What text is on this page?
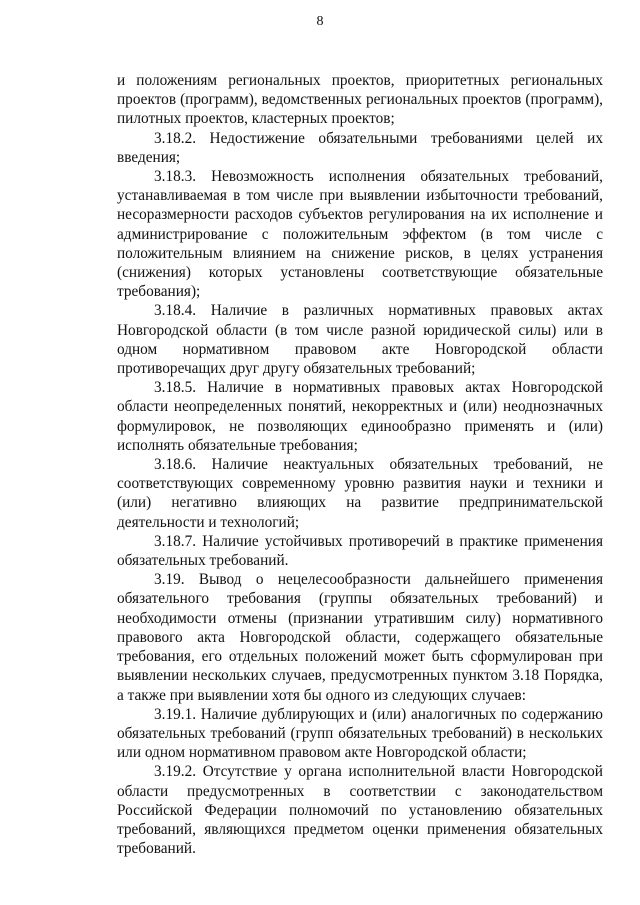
8

и положениям региональных проектов, приоритетных региональных проектов (программ), ведомственных региональных проектов (программ), пилотных проектов, кластерных проектов;

3.18.2. Недостижение обязательными требованиями целей их введения;

3.18.3. Невозможность исполнения обязательных требований, устанавливаемая в том числе при выявлении избыточности требований, несоразмерности расходов субъектов регулирования на их исполнение и администрирование с положительным эффектом (в том числе с положительным влиянием на снижение рисков, в целях устранения (снижения) которых установлены соответствующие обязательные требования);

3.18.4. Наличие в различных нормативных правовых актах Новгородской области (в том числе разной юридической силы) или в одном нормативном правовом акте Новгородской области противоречащих друг другу обязательных требований;

3.18.5. Наличие в нормативных правовых актах Новгородской области неопределенных понятий, некорректных и (или) неоднозначных формулировок, не позволяющих единообразно применять и (или) исполнять обязательные требования;

3.18.6. Наличие неактуальных обязательных требований, не соответствующих современному уровню развития науки и техники и (или) негативно влияющих на развитие предпринимательской деятельности и технологий;

3.18.7. Наличие устойчивых противоречий в практике применения обязательных требований.

3.19. Вывод о нецелесообразности дальнейшего применения обязательного требования (группы обязательных требований) и необходимости отмены (признании утратившим силу) нормативного правового акта Новгородской области, содержащего обязательные требования, его отдельных положений может быть сформулирован при выявлении нескольких случаев, предусмотренных пунктом 3.18 Порядка, а также при выявлении хотя бы одного из следующих случаев:

3.19.1. Наличие дублирующих и (или) аналогичных по содержанию обязательных требований (групп обязательных требований) в нескольких или одном нормативном правовом акте Новгородской области;

3.19.2. Отсутствие у органа исполнительной власти Новгородской области предусмотренных в соответствии с законодательством Российской Федерации полномочий по установлению обязательных требований, являющихся предметом оценки применения обязательных требований.
